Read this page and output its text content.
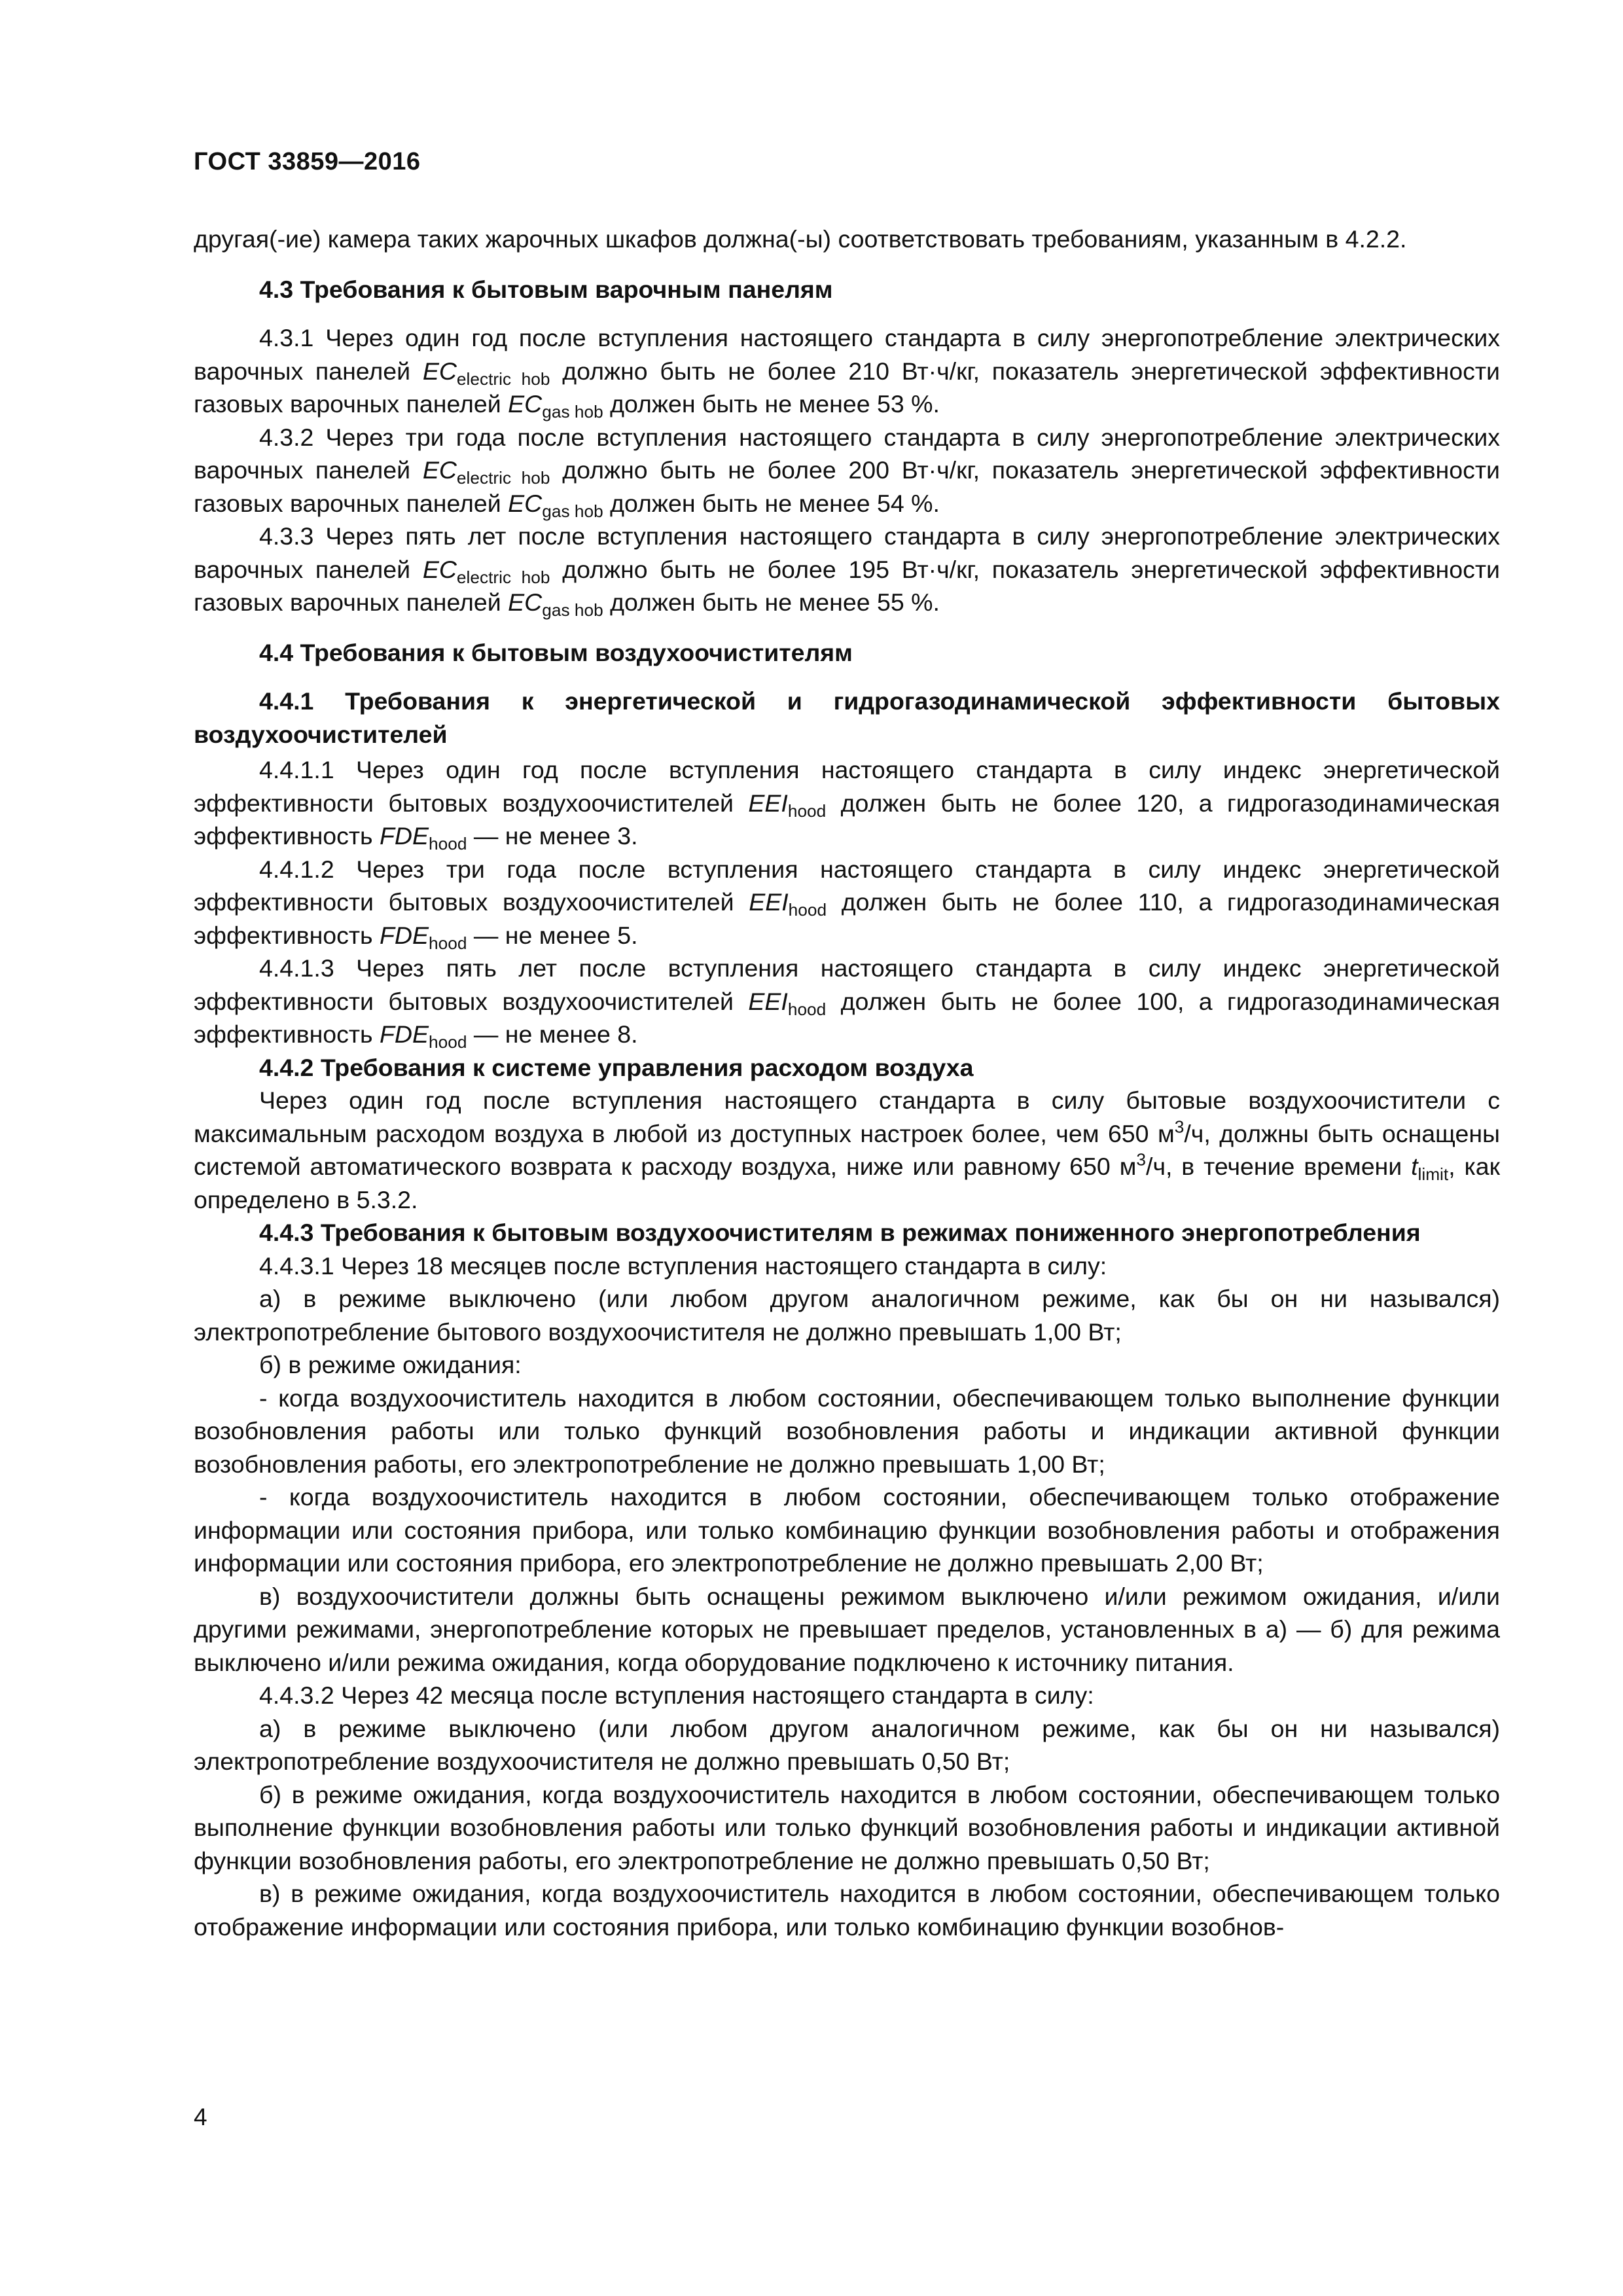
ГОСТ 33859—2016

другая(-ие) камера таких жарочных шкафов должна(-ы) соответствовать требованиям, указанным в 4.2.2.

4.3 Требования к бытовым варочным панелям

4.3.1 Через один год после вступления настоящего стандарта в силу энергопотребление электрических варочных панелей $EC_{electric hob}$ должно быть не более 210 Вт·ч/кг, показатель энергетической эффективности газовых варочных панелей $EC_{gas hob}$ должен быть не менее 53 %.

4.3.2 Через три года после вступления настоящего стандарта в силу энергопотребление электрических варочных панелей $EC_{electric hob}$ должно быть не более 200 Вт·ч/кг, показатель энергетической эффективности газовых варочных панелей $EC_{gas hob}$ должен быть не менее 54 %.

4.3.3 Через пять лет после вступления настоящего стандарта в силу энергопотребление электрических варочных панелей $EC_{electric hob}$ должно быть не более 195 Вт·ч/кг, показатель энергетической эффективности газовых варочных панелей $EC_{gas hob}$ должен быть не менее 55 %.

4.4 Требования к бытовым воздухоочистителям

4.4.1 Требования к энергетической и гидрогазодинамической эффективности бытовых воздухоочистителей

4.4.1.1 Через один год после вступления настоящего стандарта в силу индекс энергетической эффективности бытовых воздухоочистителей $EEI_{hood}$ должен быть не более 120, а гидрогазодинамическая эффективность $FDE_{hood}$ — не менее 3.

4.4.1.2 Через три года после вступления настоящего стандарта в силу индекс энергетической эффективности бытовых воздухоочистителей $EEI_{hood}$ должен быть не более 110, а гидрогазодинамическая эффективность $FDE_{hood}$ — не менее 5.

4.4.1.3 Через пять лет после вступления настоящего стандарта в силу индекс энергетической эффективности бытовых воздухоочистителей $EEI_{hood}$ должен быть не более 100, а гидрогазодинамическая эффективность $FDE_{hood}$ — не менее 8.

4.4.2 Требования к системе управления расходом воздуха

Через один год после вступления настоящего стандарта в силу бытовые воздухоочистители с максимальным расходом воздуха в любой из доступных настроек более, чем 650 $м^3/ч$, должны быть оснащены системой автоматического возврата к расходу воздуха, ниже или равному 650 $м^3/ч$, в течение времени $t_{limit}$, как определено в 5.3.2.

4.4.3 Требования к бытовым воздухоочистителям в режимах пониженного энергопотребления

4.4.3.1 Через 18 месяцев после вступления настоящего стандарта в силу:

а) в режиме выключено (или любом другом аналогичном режиме, как бы он ни назывался) электропотребление бытового воздухоочистителя не должно превышать 1,00 Вт;

б) в режиме ожидания:

- когда воздухоочиститель находится в любом состоянии, обеспечивающем только выполнение функции возобновления работы или только функций возобновления работы и индикации активной функции возобновления работы, его электропотребление не должно превышать 1,00 Вт;

- когда воздухоочиститель находится в любом состоянии, обеспечивающем только отображение информации или состояния прибора, или только комбинацию функции возобновления работы и отображения информации или состояния прибора, его электропотребление не должно превышать 2,00 Вт;

в) воздухоочистители должны быть оснащены режимом выключено и/или режимом ожидания, и/или другими режимами, энергопотребление которых не превышает пределов, установленных в а) — б) для режима выключено и/или режима ожидания, когда оборудование подключено к источнику питания.

4.4.3.2 Через 42 месяца после вступления настоящего стандарта в силу:

а) в режиме выключено (или любом другом аналогичном режиме, как бы он ни назывался) электропотребление воздухоочистителя не должно превышать 0,50 Вт;

б) в режиме ожидания, когда воздухоочиститель находится в любом состоянии, обеспечивающем только выполнение функции возобновления работы или только функций возобновления работы и индикации активной функции возобновления работы, его электропотребление не должно превышать 0,50 Вт;

в) в режиме ожидания, когда воздухоочиститель находится в любом состоянии, обеспечивающем только отображение информации или состояния прибора, или только комбинацию функции возобнов-

4
